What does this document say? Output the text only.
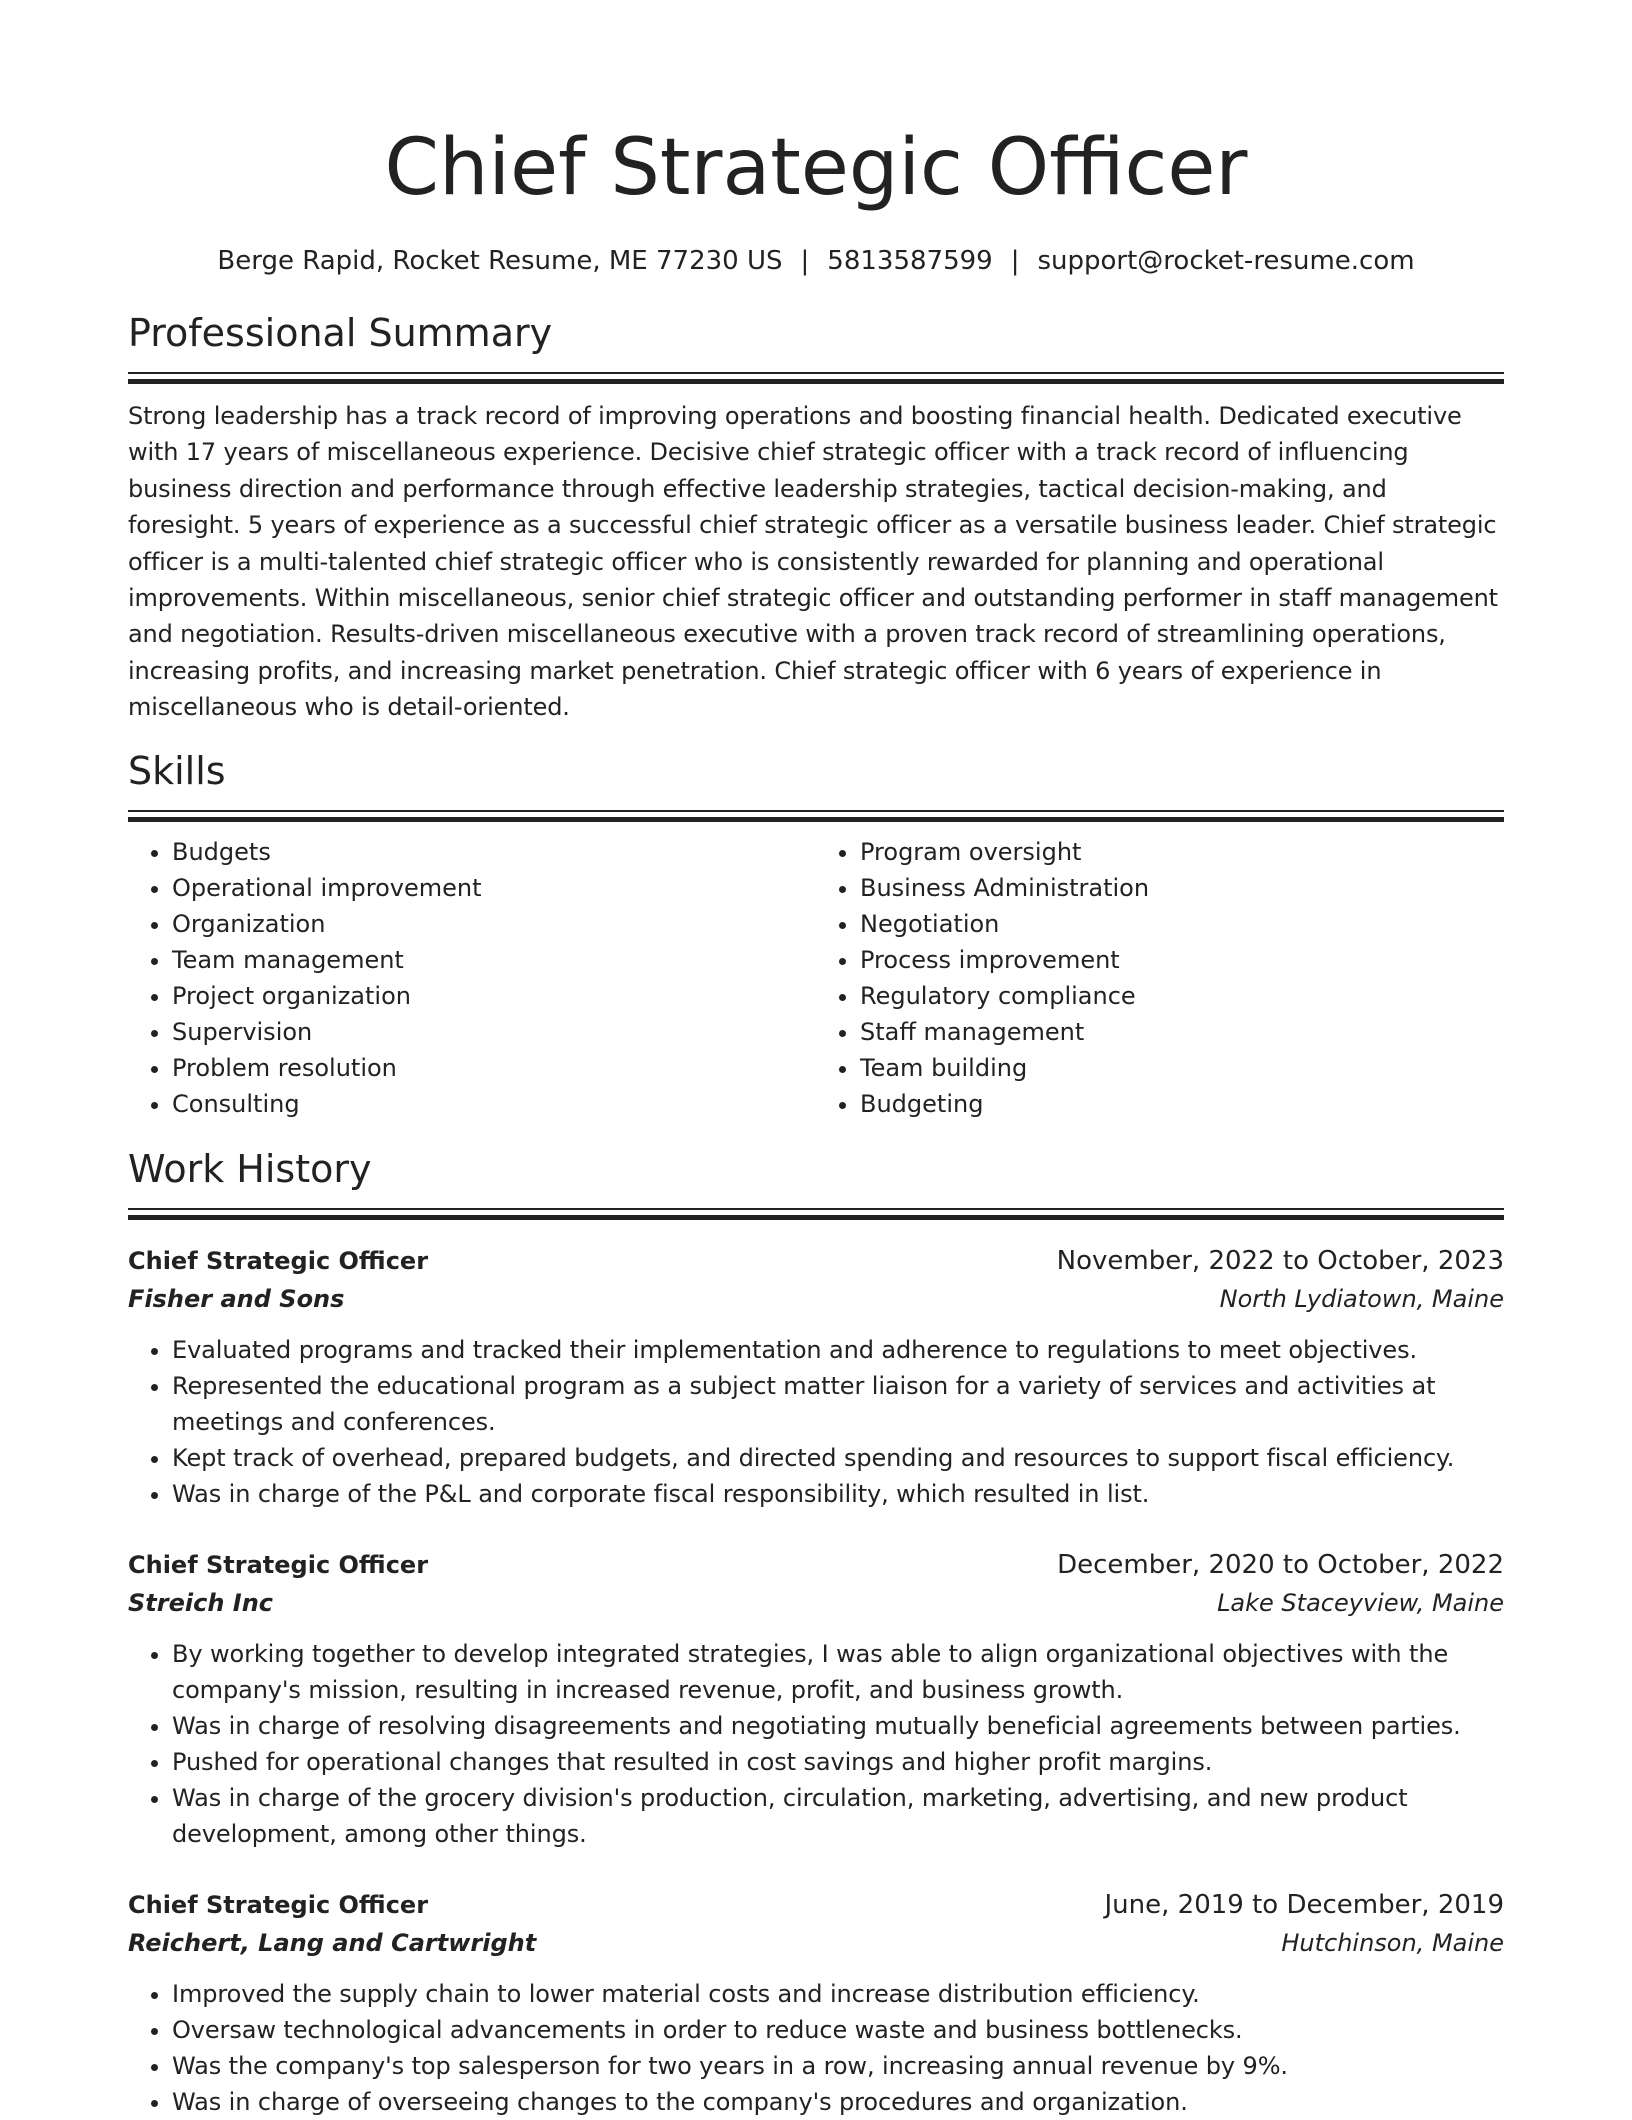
Chief Strategic Officer
Berge Rapid, Rocket Resume, ME 77230 US | 5813587599 | support@rocket-resume.com
Professional Summary
Strong leadership has a track record of improving operations and boosting financial health. Dedicated executive with 17 years of miscellaneous experience. Decisive chief strategic officer with a track record of influencing business direction and performance through effective leadership strategies, tactical decision-making, and foresight. 5 years of experience as a successful chief strategic officer as a versatile business leader. Chief strategic officer is a multi-talented chief strategic officer who is consistently rewarded for planning and operational improvements. Within miscellaneous, senior chief strategic officer and outstanding performer in staff management and negotiation. Results-driven miscellaneous executive with a proven track record of streamlining operations, increasing profits, and increasing market penetration. Chief strategic officer with 6 years of experience in miscellaneous who is detail-oriented.
Skills
• Budgets
• Operational improvement
• Organization
• Team management
• Project organization
• Supervision
• Problem resolution
• Consulting
• Program oversight
• Business Administration
• Negotiation
• Process improvement
• Regulatory compliance
• Staff management
• Team building
• Budgeting
Work History
Chief Strategic Officer	November, 2022 to October, 2023
Fisher and Sons	North Lydiatown, Maine
• Evaluated programs and tracked their implementation and adherence to regulations to meet objectives.
• Represented the educational program as a subject matter liaison for a variety of services and activities at meetings and conferences.
• Kept track of overhead, prepared budgets, and directed spending and resources to support fiscal efficiency.
• Was in charge of the P&L and corporate fiscal responsibility, which resulted in list.
Chief Strategic Officer	December, 2020 to October, 2022
Streich Inc	Lake Staceyview, Maine
• By working together to develop integrated strategies, I was able to align organizational objectives with the company's mission, resulting in increased revenue, profit, and business growth.
• Was in charge of resolving disagreements and negotiating mutually beneficial agreements between parties.
• Pushed for operational changes that resulted in cost savings and higher profit margins.
• Was in charge of the grocery division's production, circulation, marketing, advertising, and new product development, among other things.
Chief Strategic Officer	June, 2019 to December, 2019
Reichert, Lang and Cartwright	Hutchinson, Maine
• Improved the supply chain to lower material costs and increase distribution efficiency.
• Oversaw technological advancements in order to reduce waste and business bottlenecks.
• Was the company's top salesperson for two years in a row, increasing annual revenue by 9%.
• Was in charge of overseeing changes to the company's procedures and organization.
